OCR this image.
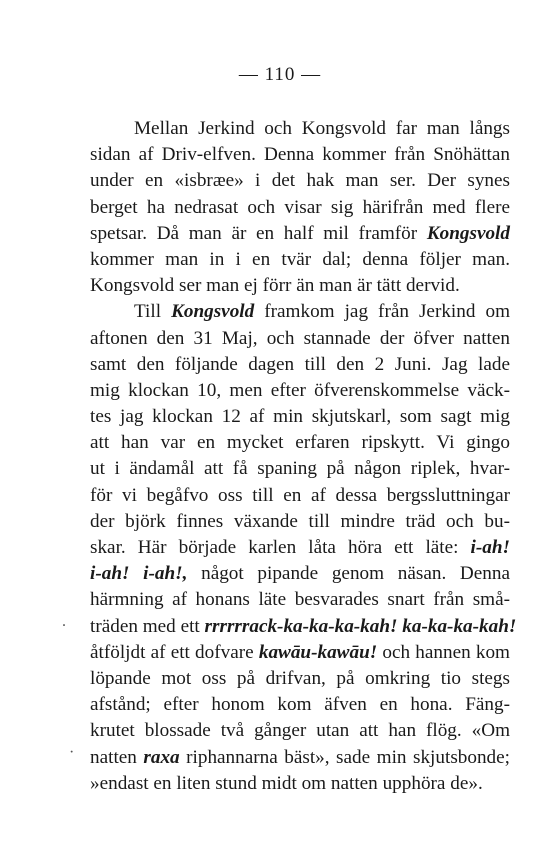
— 110 —
Mellan Jerkind och Kongsvold far man långs
sidan af Driv-elfven. Denna kommer från Snöhättan
under en «isbræe» i det hak man ser. Der synes
berget ha nedrasat och visar sig härifrån med flere
spetsar. Då man är en half mil framför Kongsvold
kommer man in i en tvär dal; denna följer man.
Kongsvold ser man ej förr än man är tätt dervid.
Till Kongsvold framkom jag från Jerkind om
aftonen den 31 Maj, och stannade der öfver natten
samt den följande dagen till den 2 Juni. Jag lade
mig klockan 10, men efter öfverenskommelse väck-
tes jag klockan 12 af min skjutskarl, som sagt mig
att han var en mycket erfaren ripskytt. Vi gingo
ut i ändamål att få spaning på någon riplek, hvar-
för vi begåfvo oss till en af dessa bergssluttningar
der björk finnes växande till mindre träd och bu-
skar. Här började karlen låta höra ett läte: i-ah!
i-ah! i-ah!, något pipande genom näsan. Denna
härmning af honans läte besvarades snart från små-
träden med ett rrrrrrack-ka-ka-ka-kah! ka-ka-ka-kah!
åtföljdt af ett dofvare kawāu-kawāu! och hannen kom
löpande mot oss på drifvan, på omkring tio stegs
afstånd; efter honom kom äfven en hona. Fäng-
krutet blossade två gånger utan att han flög. «Om
natten raxa riphannarna bäst», sade min skjutsbonde;
»endast en liten stund midt om natten upphöra de».
.
·
